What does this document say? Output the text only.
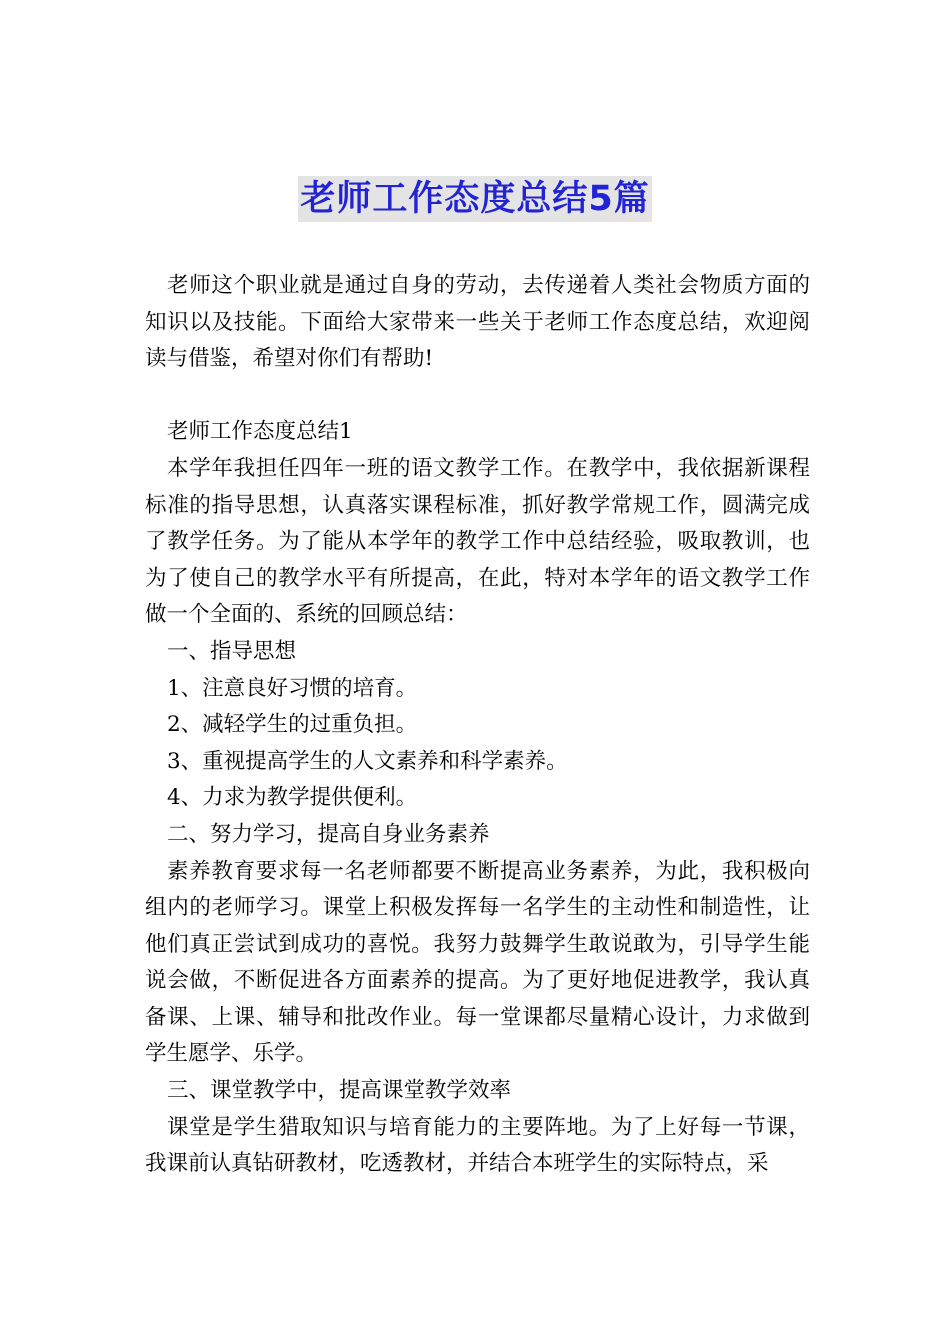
老师工作态度总结5篇

老师这个职业就是通过自身的劳动，去传递着人类社会物质方面的知识以及技能。下面给大家带来一些关于老师工作态度总结，欢迎阅读与借鉴，希望对你们有帮助!

老师工作态度总结1

本学年我担任四年一班的语文教学工作。在教学中，我依据新课程标准的指导思想，认真落实课程标准，抓好教学常规工作，圆满完成了教学任务。为了能从本学年的教学工作中总结经验，吸取教训，也为了使自己的教学水平有所提高，在此，特对本学年的语文教学工作做一个全面的、系统的回顾总结：

一、指导思想

1、注意良好习惯的培育。

2、减轻学生的过重负担。

3、重视提高学生的人文素养和科学素养。

4、力求为教学提供便利。

二、努力学习，提高自身业务素养

素养教育要求每一名老师都要不断提高业务素养，为此，我积极向组内的老师学习。课堂上积极发挥每一名学生的主动性和制造性，让他们真正尝试到成功的喜悦。我努力鼓舞学生敢说敢为，引导学生能说会做，不断促进各方面素养的提高。为了更好地促进教学，我认真备课、上课、辅导和批改作业。每一堂课都尽量精心设计，力求做到学生愿学、乐学。

三、课堂教学中，提高课堂教学效率

课堂是学生猎取知识与培育能力的主要阵地。为了上好每一节课，我课前认真钻研教材，吃透教材，并结合本班学生的实际特点，采
